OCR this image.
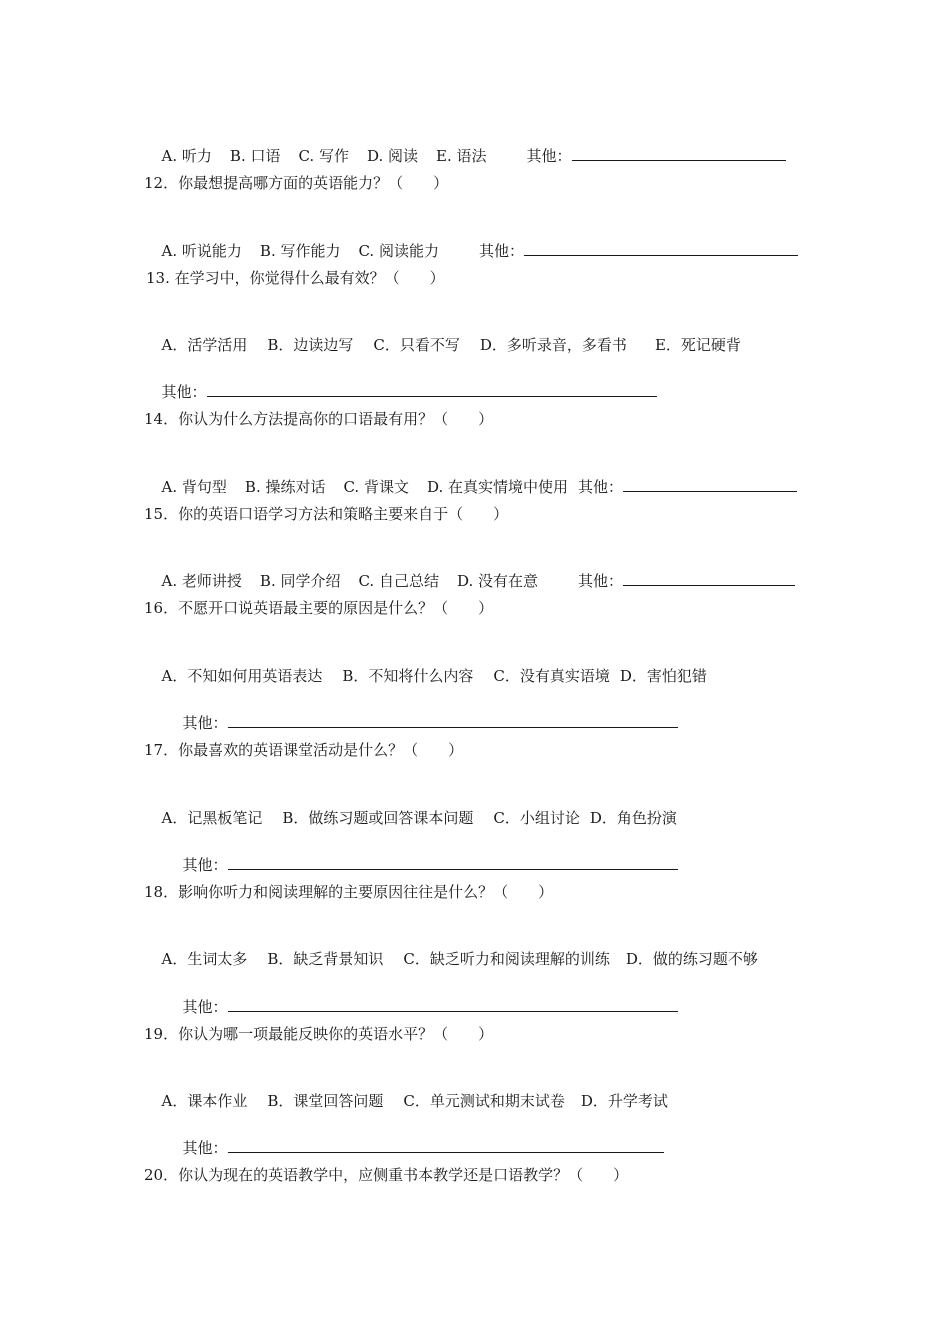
A. 听力 B. 口语 C. 写作 D. 阅读 E. 语法	其他：

12．你最想提高哪方面的英语能力？（　　）

A. 听说能力 B. 写作能力 C. 阅读能力	其他：

13. 在学习中，你觉得什么最有效？（　　）

A．活学活用 B．边读边写 C．只看不写 D．多听录音，多看书 E．死记硬背

其他：

14．你认为什么方法提高你的口语最有用？（　　）

A. 背句型 B. 操练对话 C. 背课文 D. 在真实情境中使用 其他：

15．你的英语口语学习方法和策略主要来自于（　　）

A. 老师讲授 B. 同学介绍 C. 自己总结 D. 没有在意	其他：

16．不愿开口说英语最主要的原因是什么？（　　）

A．不知如何用英语表达 B．不知将什么内容 C．没有真实语境 D．害怕犯错

其他：

17．你最喜欢的英语课堂活动是什么？（　　）

A．记黑板笔记 B．做练习题或回答课本问题 C．小组讨论 D．角色扮演

其他：

18．影响你听力和阅读理解的主要原因往往是什么？（　　）

A．生词太多 B．缺乏背景知识 C．缺乏听力和阅读理解的训练 D．做的练习题不够

其他：

19．你认为哪一项最能反映你的英语水平？（　　）

A．课本作业 B．课堂回答问题 C．单元测试和期末试卷 D．升学考试

其他：

20．你认为现在的英语教学中，应侧重书本教学还是口语教学？（　　）
